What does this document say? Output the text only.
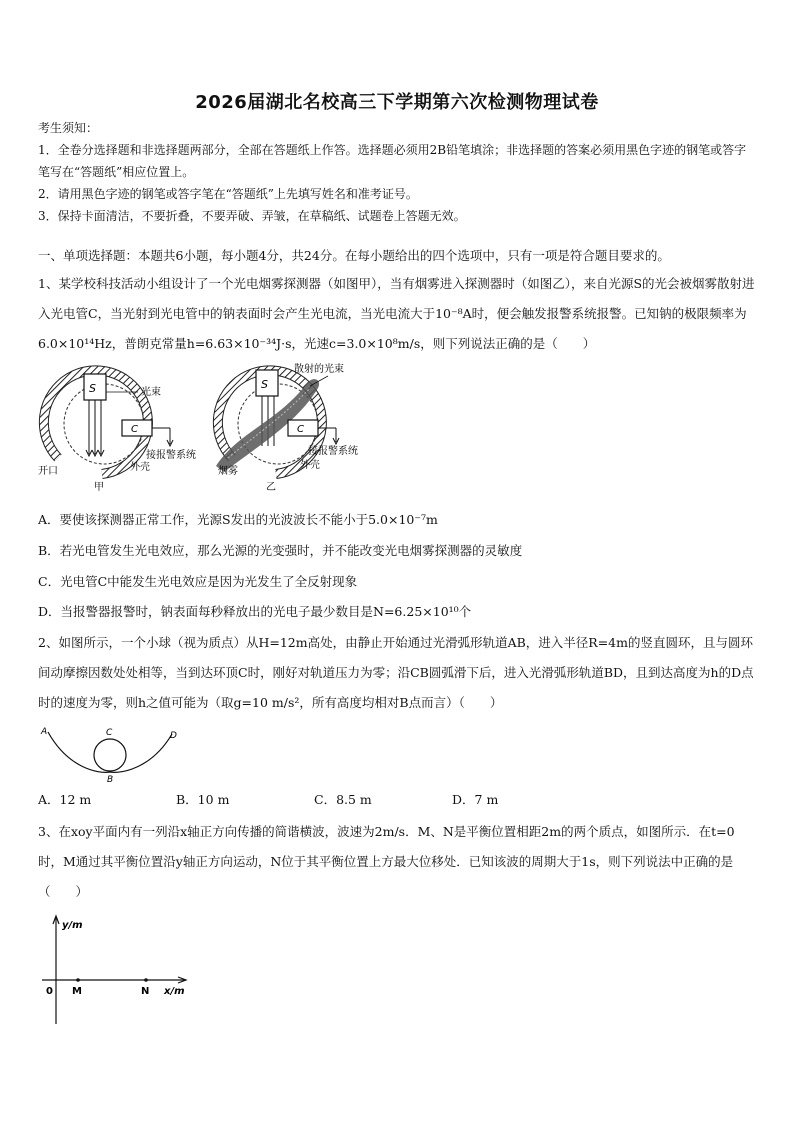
2026届湖北名校高三下学期第六次检测物理试卷
考生须知：
1．全卷分选择题和非选择题两部分，全部在答题纸上作答。选择题必须用2B铅笔填涂；非选择题的答案必须用黑色字迹的钢笔或答字笔写在“答题纸”相应位置上。
2．请用黑色字迹的钢笔或答字笔在“答题纸”上先填写姓名和准考证号。
3．保持卡面清洁，不要折叠，不要弄破、弄皱，在草稿纸、试题卷上答题无效。
一、单项选择题：本题共6小题，每小题4分，共24分。在每小题给出的四个选项中，只有一项是符合题目要求的。
1、某学校科技活动小组设计了一个光电烟雾探测器（如图甲），当有烟雾进入探测器时（如图乙），来自光源S的光会被烟雾散射进入光电管C，当光射到光电管中的钠表面时会产生光电流，当光电流大于10⁻⁸A时，便会触发报警系统报警。已知钠的极限频率为6.0×10¹⁴Hz，普朗克常量h=6.63×10⁻³⁴J·s，光速c=3.0×10⁸m/s，则下列说法正确的是（　　）
S
C
光束
接报警系统
外壳
开口
甲
S
C
散射的光束
接报警系统
外壳
烟雾
乙
A．要使该探测器正常工作，光源S发出的光波波长不能小于5.0×10⁻⁷m
B．若光电管发生光电效应，那么光源的光变强时，并不能改变光电烟雾探测器的灵敏度
C．光电管C中能发生光电效应是因为光发生了全反射现象
D．当报警器报警时，钠表面每秒释放出的光电子最少数目是N=6.25×10¹⁰个
2、如图所示，一个小球（视为质点）从H=12m高处，由静止开始通过光滑弧形轨道AB，进入半径R=4m的竖直圆环，且与圆环间动摩擦因数处处相等，当到达环顶C时，刚好对轨道压力为零；沿CB圆弧滑下后，进入光滑弧形轨道BD，且到达高度为h的D点时的速度为零，则h之值可能为（取g=10 m/s²，所有高度均相对B点而言）（　　）
A	C	D
B
A．12 m	B．10 m	C．8.5 m	D．7 m
3、在xoy平面内有一列沿x轴正方向传播的简谐横波，波速为2m/s．M、N是平衡位置相距2m的两个质点，如图所示．在t=0时，M通过其平衡位置沿y轴正方向运动，N位于其平衡位置上方最大位移处．已知该波的周期大于1s，则下列说法中正确的是（　　）
y/m
0 M	N x/m
